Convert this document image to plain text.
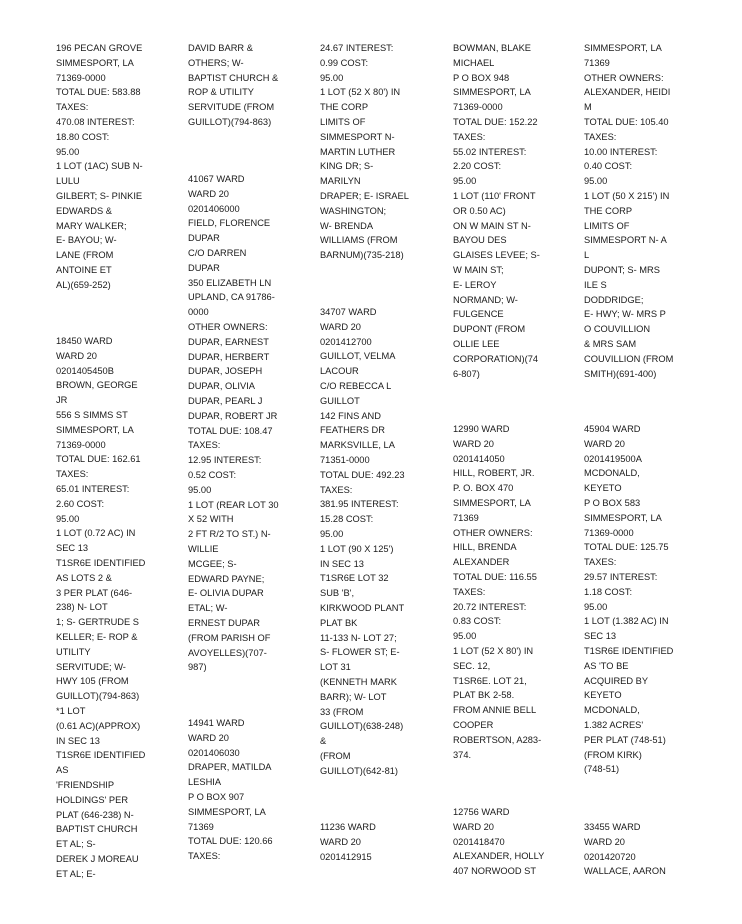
196 PECAN GROVE
SIMMESPORT, LA
71369-0000
TOTAL DUE: 583.88
TAXES:
470.08 INTEREST:
18.80 COST:
95.00
1 LOT (1AC) SUB N-
LULU
GILBERT; S- PINKIE
EDWARDS &
MARY WALKER;
E- BAYOU; W-
LANE (FROM
ANTOINE ET
AL)(659-252)
18450 WARD
WARD 20
0201405450B
BROWN, GEORGE
JR
556 S SIMMS ST
SIMMESPORT, LA
71369-0000
TOTAL DUE: 162.61
TAXES:
65.01 INTEREST:
2.60 COST:
95.00
1 LOT (0.72 AC) IN
SEC 13
T1SR6E IDENTIFIED
AS LOTS 2 &
3 PER PLAT (646-
238) N- LOT
1; S- GERTRUDE S
KELLER; E- ROP &
UTILITY
SERVITUDE; W-
HWY 105 (FROM
GUILLOT)(794-863)
*1 LOT
(0.61 AC)(APPROX)
IN SEC 13
T1SR6E IDENTIFIED
AS
'FRIENDSHIP
HOLDINGS' PER
PLAT (646-238) N-
BAPTIST CHURCH
ET AL; S-
DEREK J MOREAU
ET AL; E-
DAVID BARR &
OTHERS; W-
BAPTIST CHURCH &
ROP & UTILITY
SERVITUDE (FROM
GUILLOT)(794-863)
41067 WARD
WARD 20
0201406000
FIELD, FLORENCE
DUPAR
C/O DARREN
DUPAR
350 ELIZABETH LN
UPLAND, CA 91786-
0000
OTHER OWNERS:
DUPAR, EARNEST
DUPAR, HERBERT
DUPAR, JOSEPH
DUPAR, OLIVIA
DUPAR, PEARL J
DUPAR, ROBERT JR
TOTAL DUE: 108.47
TAXES:
12.95 INTEREST:
0.52 COST:
95.00
1 LOT (REAR LOT 30
X 52 WITH
2 FT R/2 TO ST.) N-
WILLIE
MCGEE; S-
EDWARD PAYNE;
E- OLIVIA DUPAR
ETAL; W-
ERNEST DUPAR
(FROM PARISH OF
AVOYELLES)(707-
987)
14941 WARD
WARD 20
0201406030
DRAPER, MATILDA
LESHIA
P O BOX 907
SIMMESPORT, LA
71369
TOTAL DUE: 120.66
TAXES:
24.67 INTEREST:
0.99 COST:
95.00
1 LOT (52 X 80') IN
THE CORP
LIMITS OF
SIMMESPORT N-
MARTIN LUTHER
KING DR; S-
MARILYN
DRAPER; E- ISRAEL
WASHINGTON;
W- BRENDA
WILLIAMS (FROM
BARNUM)(735-218)
34707 WARD
WARD 20
0201412700
GUILLOT, VELMA
LACOUR
C/O REBECCA L
GUILLOT
142 FINS AND
FEATHERS DR
MARKSVILLE, LA
71351-0000
TOTAL DUE: 492.23
TAXES:
381.95 INTEREST:
15.28 COST:
95.00
1 LOT (90 X 125')
IN SEC 13
T1SR6E LOT 32
SUB 'B',
KIRKWOOD PLANT
PLAT BK
11-133 N- LOT 27;
S- FLOWER ST; E-
LOT 31
(KENNETH MARK
BARR); W- LOT
33 (FROM
GUILLOT)(638-248)
&
(FROM
GUILLOT)(642-81)
11236 WARD
WARD 20
0201412915
BOWMAN, BLAKE
MICHAEL
P O BOX 948
SIMMESPORT, LA
71369-0000
TOTAL DUE: 152.22
TAXES:
55.02 INTEREST:
2.20 COST:
95.00
1 LOT (110' FRONT
OR 0.50 AC)
ON W MAIN ST N-
BAYOU DES
GLAISES LEVEE; S-
W MAIN ST;
E- LEROY
NORMAND; W-
FULGENCE
DUPONT (FROM
OLLIE LEE
CORPORATION)(74
6-807)
12990 WARD
WARD 20
0201414050
HILL, ROBERT, JR.
P. O. BOX 470
SIMMESPORT, LA
71369
OTHER OWNERS:
HILL, BRENDA
ALEXANDER
TOTAL DUE: 116.55
TAXES:
20.72 INTEREST:
0.83 COST:
95.00
1 LOT (52 X 80') IN
SEC. 12,
T1SR6E. LOT 21,
PLAT BK 2-58.
FROM ANNIE BELL
COOPER
ROBERTSON, A283-
374.
12756 WARD
WARD 20
0201418470
ALEXANDER, HOLLY
407 NORWOOD ST
SIMMESPORT, LA
71369
OTHER OWNERS:
ALEXANDER, HEIDI
M
TOTAL DUE: 105.40
TAXES:
10.00 INTEREST:
0.40 COST:
95.00
1 LOT (50 X 215') IN
THE CORP
LIMITS OF
SIMMESPORT N- A
L
DUPONT; S- MRS
ILE S
DODDRIDGE;
E- HWY; W- MRS P
O COUVILLION
& MRS SAM
COUVILLION (FROM
SMITH)(691-400)
45904 WARD
WARD 20
0201419500A
MCDONALD,
KEYETO
P O BOX 583
SIMMESPORT, LA
71369-0000
TOTAL DUE: 125.75
TAXES:
29.57 INTEREST:
1.18 COST:
95.00
1 LOT (1.382 AC) IN
SEC 13
T1SR6E IDENTIFIED
AS 'TO BE
ACQUIRED BY
KEYETO
MCDONALD,
1.382 ACRES'
PER PLAT (748-51)
(FROM KIRK)
(748-51)
33455 WARD
WARD 20
0201420720
WALLACE, AARON
